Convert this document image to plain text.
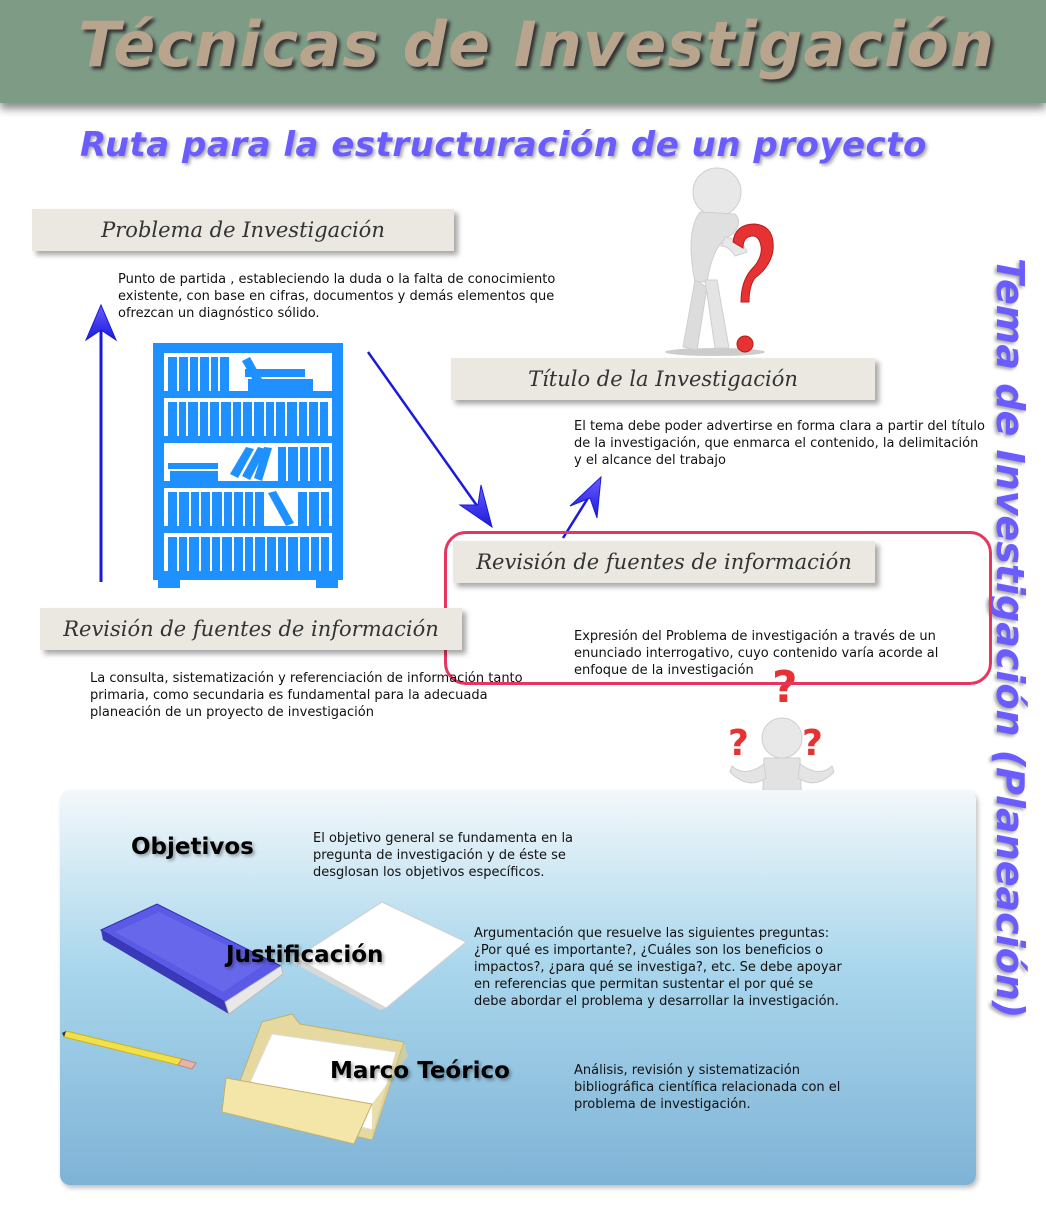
Técnicas de Investigación
Ruta para la estructuración de un proyecto
Tema de Investigación (Planeación)
?
? ?
Problema de Investigación
Punto de partida , estableciendo la duda o la falta de conocimiento existente, con base en cifras, documentos y demás elementos que ofrezcan un diagnóstico sólido.
Título de la Investigación
El tema debe poder advertirse en forma clara a partir del título de la investigación, que enmarca el contenido, la delimitación y el alcance del trabajo
Revisión de fuentes de información
Expresión del Problema de investigación a través de un enunciado interrogativo, cuyo contenido varía acorde al enfoque de la investigación
Revisión de fuentes de información
La consulta, sistematización y referenciación de información tanto primaria, como secundaria es fundamental para la adecuada planeación de un proyecto de investigación
Objetivos	El objetivo general se fundamenta en la pregunta de investigación y de éste se desglosan los objetivos específicos.
Justificación
Argumentación que resuelve las siguientes preguntas: ¿Por qué es importante?, ¿Cuáles son los beneficios o impactos?, ¿para qué se investiga?, etc. Se debe apoyar en referencias que permitan sustentar el por qué se debe abordar el problema y desarrollar la investigación.
Marco Teórico	Análisis, revisión y sistematización bibliográfica científica relacionada con el problema de investigación.
